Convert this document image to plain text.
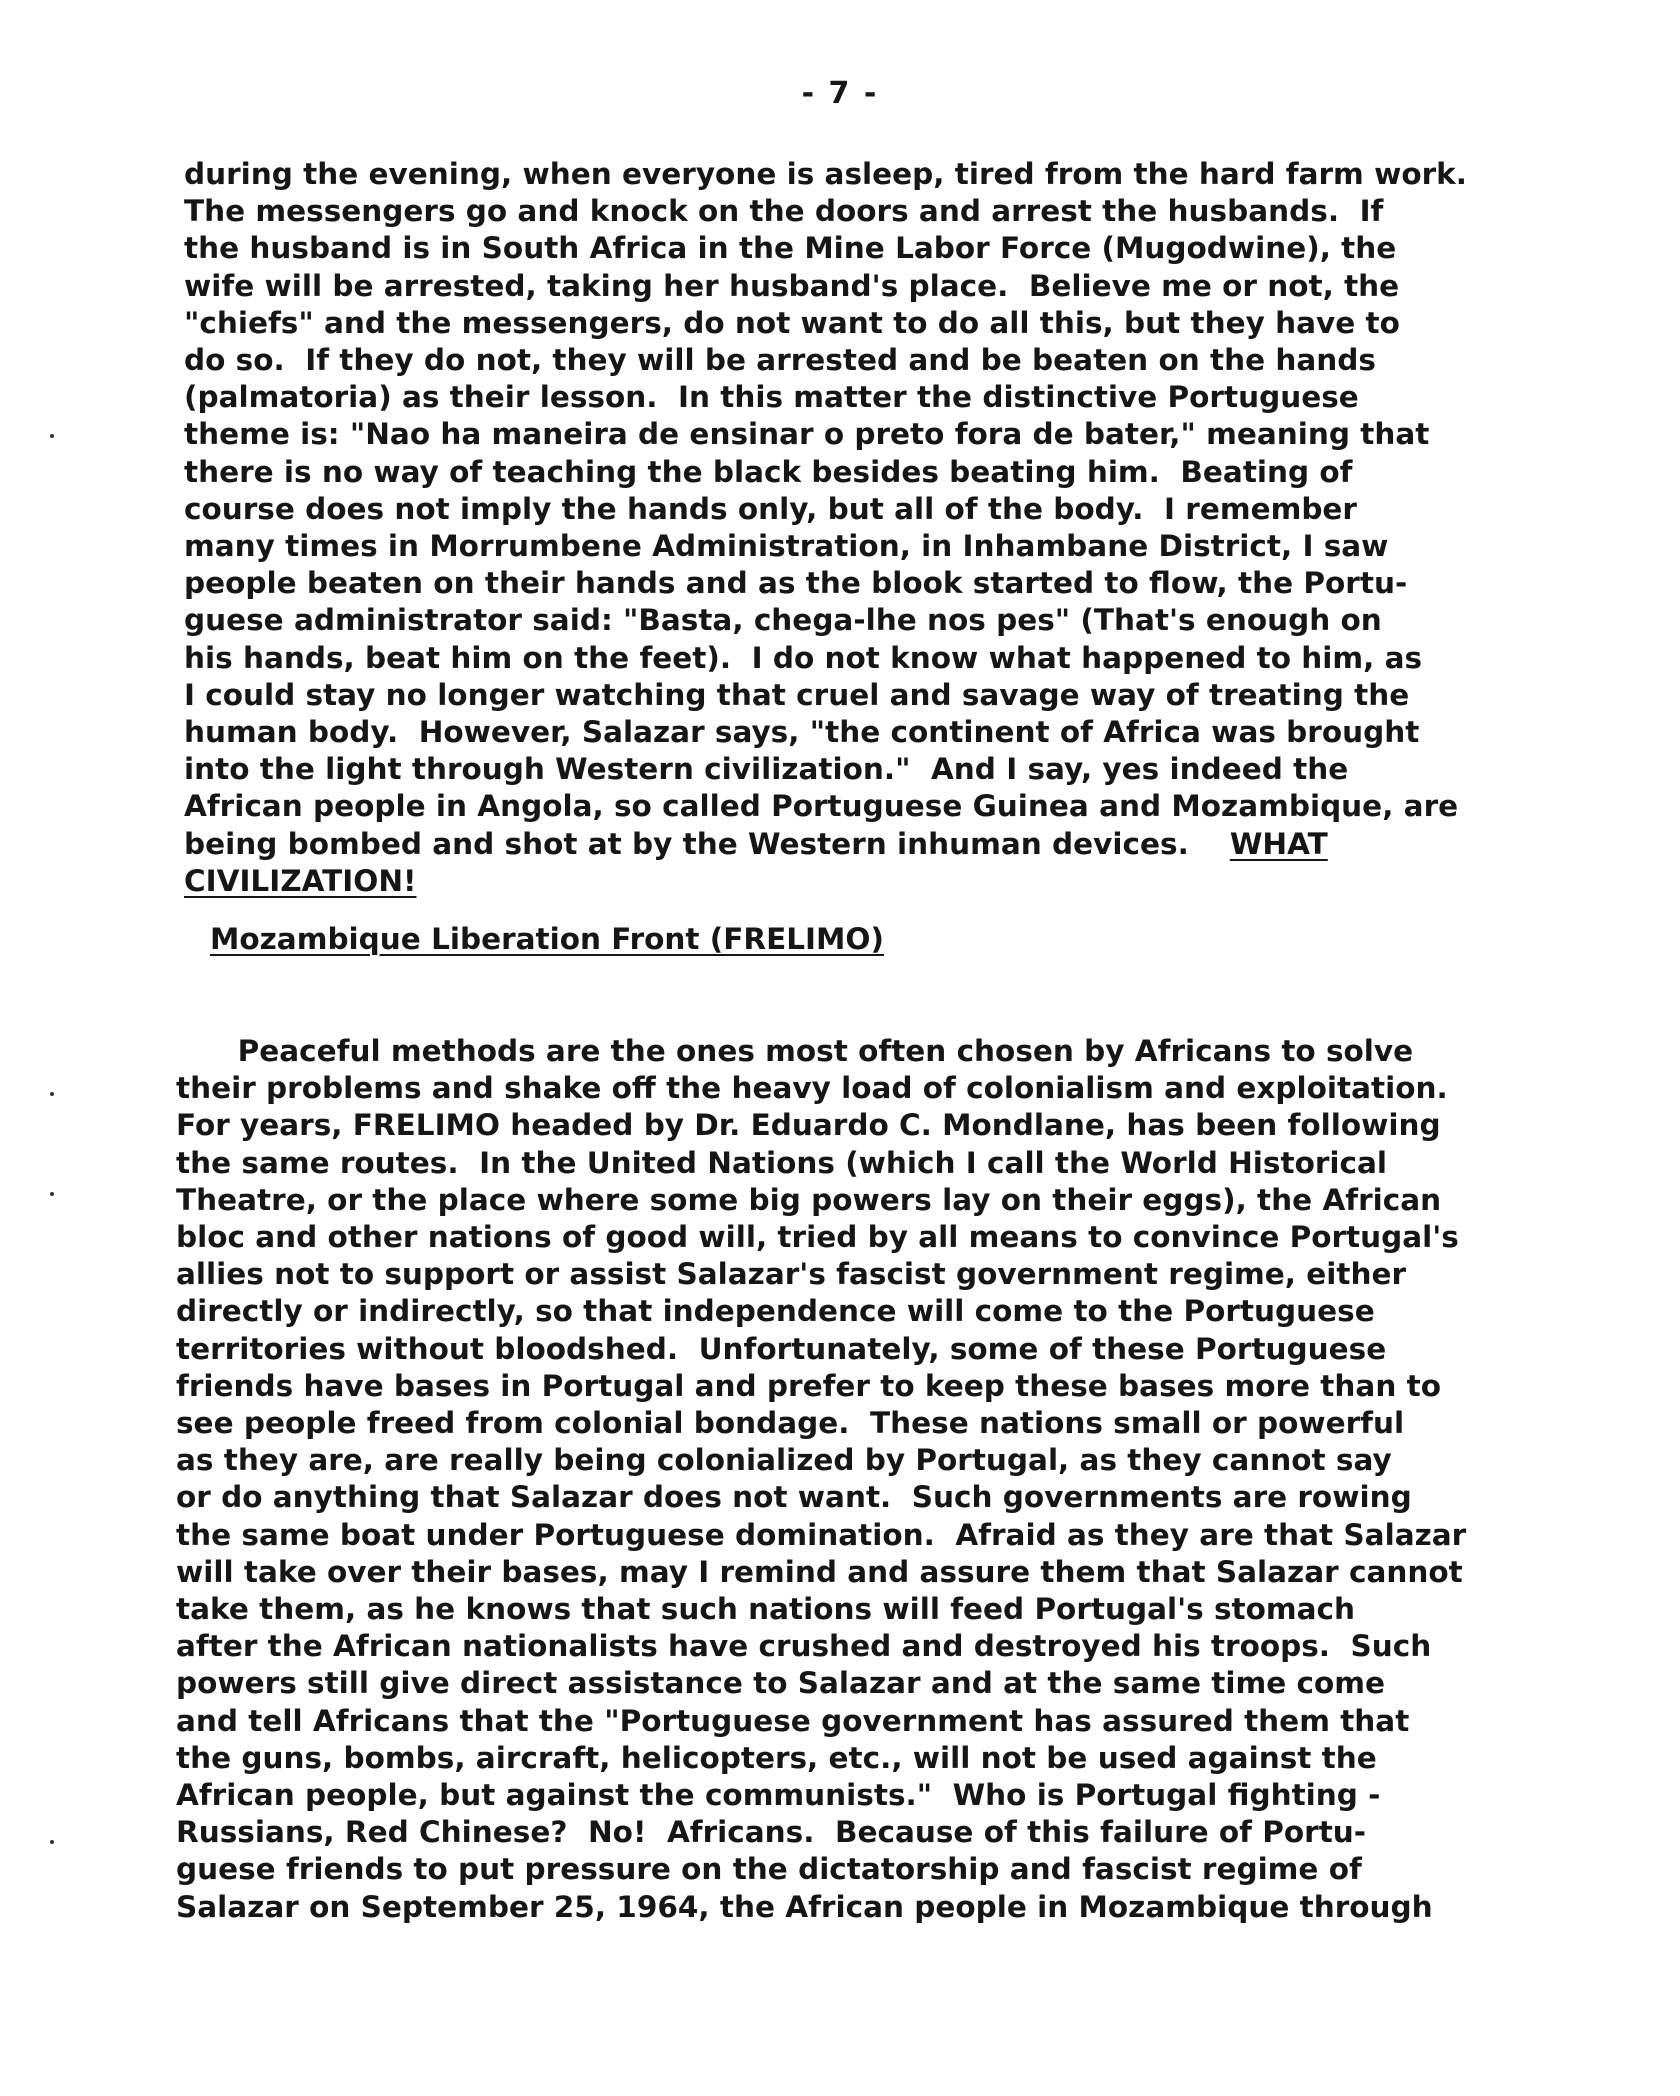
- 7 -
during the evening, when everyone is asleep, tired from the hard farm work.
The messengers go and knock on the doors and arrest the husbands.  If
the husband is in South Africa in the Mine Labor Force (Mugodwine), the
wife will be arrested, taking her husband's place.  Believe me or not, the
"chiefs" and the messengers, do not want to do all this, but they have to
do so.  If they do not, they will be arrested and be beaten on the hands
(palmatoria) as their lesson.  In this matter the distinctive Portuguese
theme is: "Nao ha maneira de ensinar o preto fora de bater," meaning that
there is no way of teaching the black besides beating him.  Beating of
course does not imply the hands only, but all of the body.  I remember
many times in Morrumbene Administration, in Inhambane District, I saw
people beaten on their hands and as the blook started to flow, the Portu-
guese administrator said: "Basta, chega-lhe nos pes" (That's enough on
his hands, beat him on the feet).  I do not know what happened to him, as
I could stay no longer watching that cruel and savage way of treating the
human body.  However, Salazar says, "the continent of Africa was brought
into the light through Western civilization."  And I say, yes indeed the
African people in Angola, so called Portuguese Guinea and Mozambique, are
being bombed and shot at by the Western inhuman devices.    WHAT
CIVILIZATION!
Mozambique Liberation Front (FRELIMO)
Peaceful methods are the ones most often chosen by Africans to solve
their problems and shake off the heavy load of colonialism and exploitation.
For years, FRELIMO headed by Dr. Eduardo C. Mondlane, has been following
the same routes.  In the United Nations (which I call the World Historical
Theatre, or the place where some big powers lay on their eggs), the African
bloc and other nations of good will, tried by all means to convince Portugal's
allies not to support or assist Salazar's fascist government regime, either
directly or indirectly, so that independence will come to the Portuguese
territories without bloodshed.  Unfortunately, some of these Portuguese
friends have bases in Portugal and prefer to keep these bases more than to
see people freed from colonial bondage.  These nations small or powerful
as they are, are really being colonialized by Portugal, as they cannot say
or do anything that Salazar does not want.  Such governments are rowing
the same boat under Portuguese domination.  Afraid as they are that Salazar
will take over their bases, may I remind and assure them that Salazar cannot
take them, as he knows that such nations will feed Portugal's stomach
after the African nationalists have crushed and destroyed his troops.  Such
powers still give direct assistance to Salazar and at the same time come
and tell Africans that the "Portuguese government has assured them that
the guns, bombs, aircraft, helicopters, etc., will not be used against the
African people, but against the communists."  Who is Portugal fighting -
Russians, Red Chinese?  No!  Africans.  Because of this failure of Portu-
guese friends to put pressure on the dictatorship and fascist regime of
Salazar on September 25, 1964, the African people in Mozambique through
